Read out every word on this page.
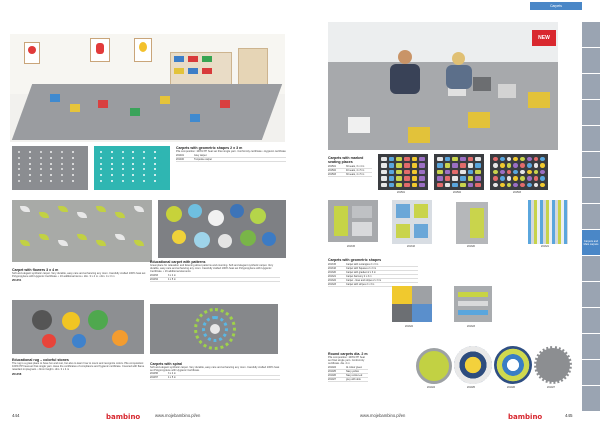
Carpets with geometric shapes 2 x 3 m
Pile composition: 100% PP heat set frisé single yarn. Conformity certificate • Hygienic certificate
201401	Grey carpet
201400	Turquoise carpet
Carpet with flowers 3 x 4 m
Soft and elegant synthetic carpet. Very durable, easy care and enhancing any room. Carefully crafted 100% heat set Polypropylene with Hygienic Certificate. • 16 additional items • dim. 3 x 4 m • dim. 4 x 3 m
201451
Educational carpet with patterns
Great place for relaxation and listening about patterns and counting. Soft and elegant synthetic carpet. Very durable, easy care and enhancing any room. Carefully crafted 100% heat set Polypropylene with Hygienic Certificate. • 16 additional elements
201453	3 x 4 m
201454	4 x 5 m
Educational rug – colorful stones
The rug is a great place to have fun and rest, but also to learn how to count and recognize colors. Pile composition: 100% PP heat-set frisé single yarn. Have the certificates of compliance and hygienic certificate. Covered with flame retardant impregnant. • 9mm height • dim. 3 x 4 m
201458
Carpets with spiral
Soft and elegant synthetic carpet. Very durable, easy care and enhancing any room. Carefully crafted 100% heat set Polypropylene with Hygienic Certificate.
201456	3 x 4 m
201457	4 x 5 m
444	www.mojebambino.pl/en
bambino
Carpets
NEW
Carpets with marked seating places
201501	30 seats, 3 x 4 m
201502	40 seats, 4 x 5 m
201503	30 seats, 4 x 5 m
201501	201502	201503
201315	201316	201320	201321
Carpets with geometric shapes
201315	Carpet with rectangles 2 x 3 m
201316	Carpet with Squares 2 x 3 m
201320	Carpet with gradient 2 x 3 m
201321	Carpet harmony 2 x 3 m
201322	Carpet - lines and stripes 2 x 3 m
201323	Carpet with stripes 2 x 3 m
201322	201323
Round carpets dia. 2 m
Pile composition: 100% PP heat set frisé single yarn. Conformity certificate. dia. 2 m
201024	Al colour green
201025	Navy-yellow
201026	Navy-colour-ed
201027	grey with dots
201024	201025	201026	201027
www.mojebambino.pl/en	bambino	445
Carpets and Mats carpets
